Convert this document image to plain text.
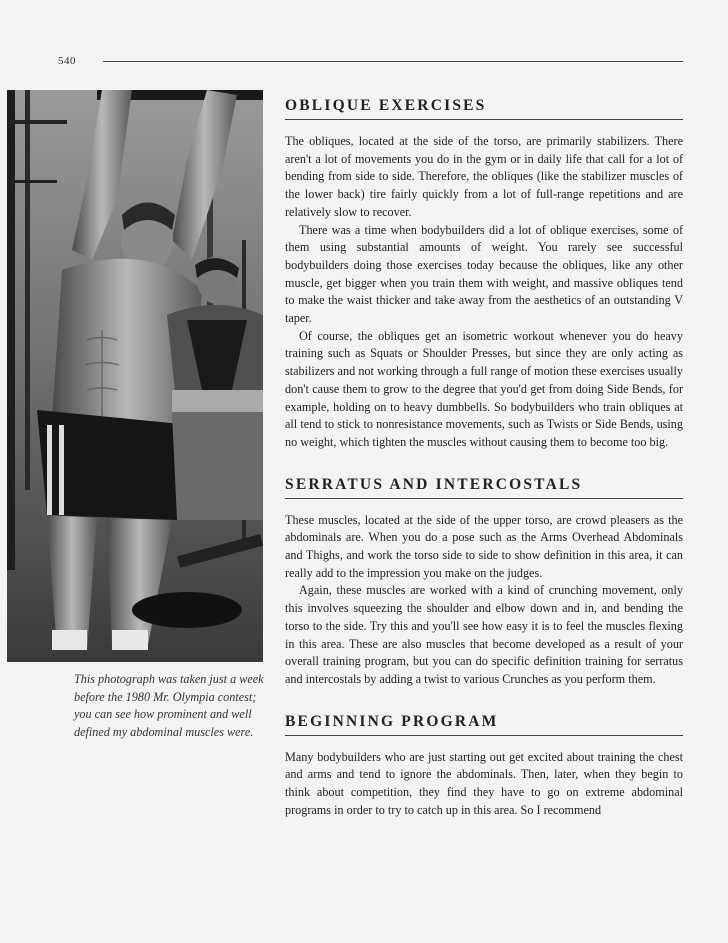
540
This photograph was taken just a week before the 1980 Mr. Olympia contest; you can see how prominent and well defined my abdominal muscles were.
OBLIQUE EXERCISES

The obliques, located at the side of the torso, are primarily stabilizers. There aren't a lot of movements you do in the gym or in daily life that call for a lot of bending from side to side. Therefore, the obliques (like the stabilizer muscles of the lower back) tire fairly quickly from a lot of full-range repetitions and are relatively slow to recover.

There was a time when bodybuilders did a lot of oblique exercises, some of them using substantial amounts of weight. You rarely see successful bodybuilders doing those exercises today because the obliques, like any other muscle, get bigger when you train them with weight, and massive obliques tend to make the waist thicker and take away from the aesthetics of an outstanding V taper.

Of course, the obliques get an isometric workout whenever you do heavy training such as Squats or Shoulder Presses, but since they are only acting as stabilizers and not working through a full range of motion these exercises usually don't cause them to grow to the degree that you'd get from doing Side Bends, for example, holding on to heavy dumbbells. So bodybuilders who train obliques at all tend to stick to nonresistance movements, such as Twists or Side Bends, using no weight, which tighten the muscles without causing them to become too big.

SERRATUS AND INTERCOSTALS

These muscles, located at the side of the upper torso, are crowd pleasers as the abdominals are. When you do a pose such as the Arms Overhead Abdominals and Thighs, and work the torso side to side to show definition in this area, it can really add to the impression you make on the judges.

Again, these muscles are worked with a kind of crunching movement, only this involves squeezing the shoulder and elbow down and in, and bending the torso to the side. Try this and you'll see how easy it is to feel the muscles flexing in this area. These are also muscles that become developed as a result of your overall training program, but you can do specific definition training for serratus and intercostals by adding a twist to various Crunches as you perform them.

BEGINNING PROGRAM

Many bodybuilders who are just starting out get excited about training the chest and arms and tend to ignore the abdominals. Then, later, when they begin to think about competition, they find they have to go on extreme abdominal programs in order to try to catch up in this area. So I recommend
